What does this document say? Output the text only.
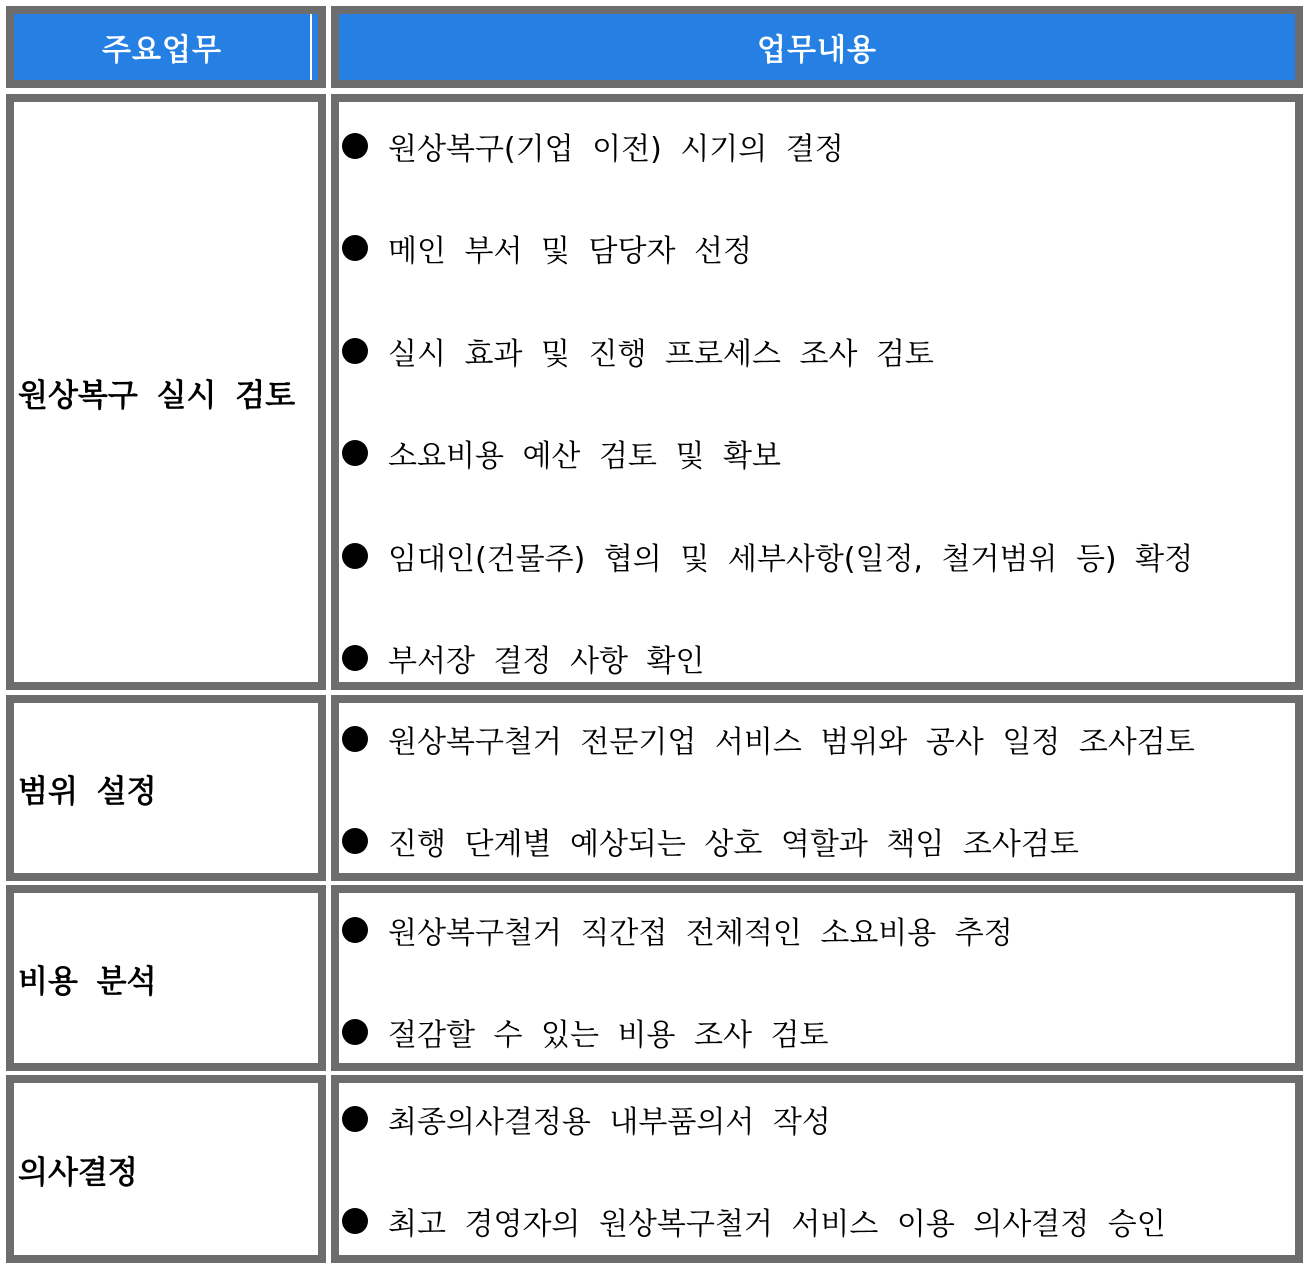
주요업무	업무내용
원상복구 실시 검토
원상복구(기업 이전) 시기의 결정
메인 부서 및 담당자 선정
실시 효과 및 진행 프로세스 조사 검토
소요비용 예산 검토 및 확보
임대인(건물주) 협의 및 세부사항(일정, 철거범위 등) 확정
부서장 결정 사항 확인
범위 설정
원상복구철거 전문기업 서비스 범위와 공사 일정 조사검토
진행 단계별 예상되는 상호 역할과 책임 조사검토
비용 분석
원상복구철거 직간접 전체적인 소요비용 추정
절감할 수 있는 비용 조사 검토
의사결정
최종의사결정용 내부품의서 작성
최고 경영자의 원상복구철거 서비스 이용 의사결정 승인
